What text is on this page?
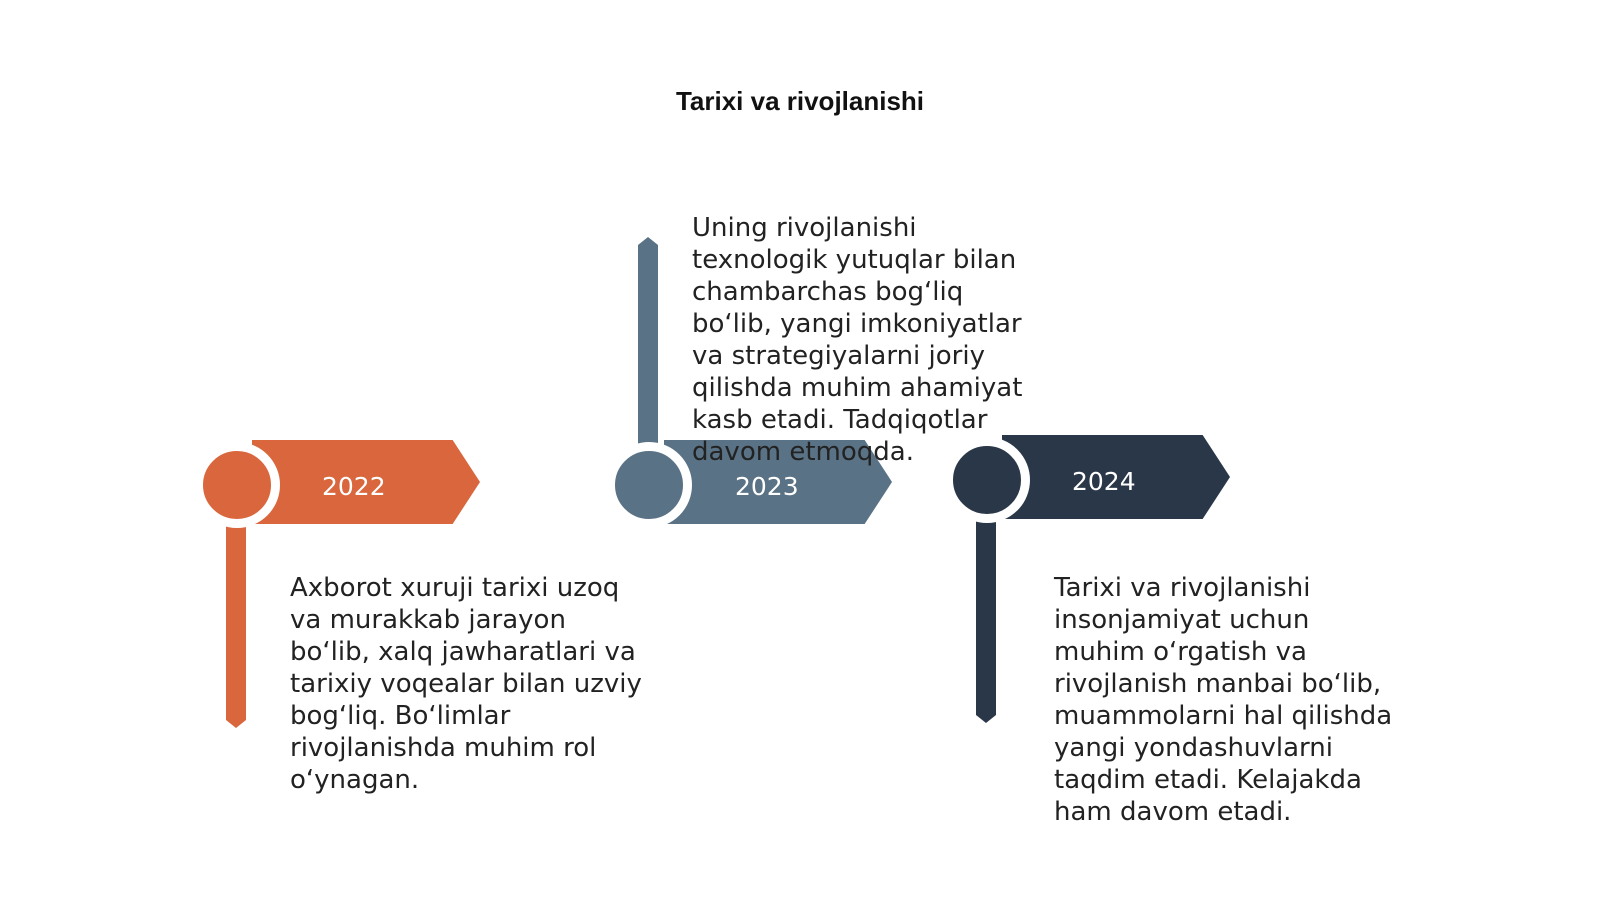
Tarixi va rivojlanishi
2022
Axborot xuruji tarixi uzoq
va murakkab jarayon
bo‘lib, xalq jawharatlari va
tarixiy voqealar bilan uzviy
bog‘liq. Bo‘limlar
rivojlanishda muhim rol
o‘ynagan.
2023
Uning rivojlanishi
texnologik yutuqlar bilan
chambarchas bog‘liq
bo‘lib, yangi imkoniyatlar
va strategiyalarni joriy
qilishda muhim ahamiyat
kasb etadi. Tadqiqotlar
davom etmoqda.
2024
Tarixi va rivojlanishi
insonjamiyat uchun
muhim o‘rgatish va
rivojlanish manbai bo‘lib,
muammolarni hal qilishda
yangi yondashuvlarni
taqdim etadi. Kelajakda
ham davom etadi.
